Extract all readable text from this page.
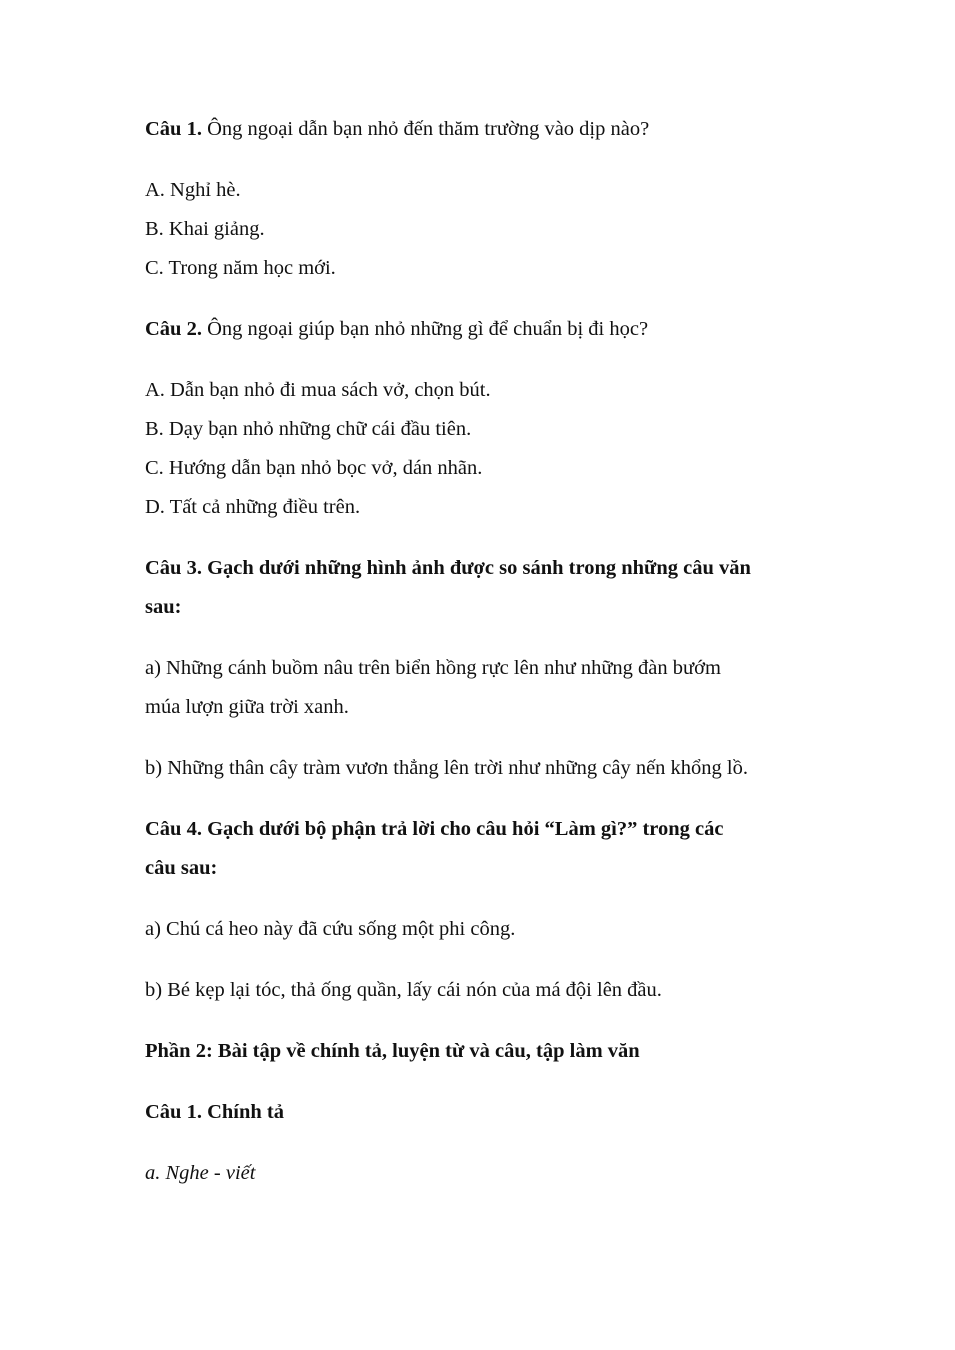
Câu 1. Ông ngoại dẫn bạn nhỏ đến thăm trường vào dịp nào?
A. Nghỉ hè.
B. Khai giảng.
C. Trong năm học mới.
Câu 2. Ông ngoại giúp bạn nhỏ những gì để chuẩn bị đi học?
A. Dẫn bạn nhỏ đi mua sách vở, chọn bút.
B. Dạy bạn nhỏ những chữ cái đầu tiên.
C. Hướng dẫn bạn nhỏ bọc vở, dán nhãn.
D. Tất cả những điều trên.
Câu 3. Gạch dưới những hình ảnh được so sánh trong những câu văn
sau:
a) Những cánh buồm nâu trên biển hồng rực lên như những đàn bướm
múa lượn giữa trời xanh.
b) Những thân cây tràm vươn thẳng lên trời như những cây nến khổng lồ.
Câu 4. Gạch dưới bộ phận trả lời cho câu hỏi “Làm gì?” trong các
câu sau:
a) Chú cá heo này đã cứu sống một phi công.
b) Bé kẹp lại tóc, thả ống quần, lấy cái nón của má đội lên đầu.
Phần 2: Bài tập về chính tả, luyện từ và câu, tập làm văn
Câu 1. Chính tả
a. Nghe - viết
